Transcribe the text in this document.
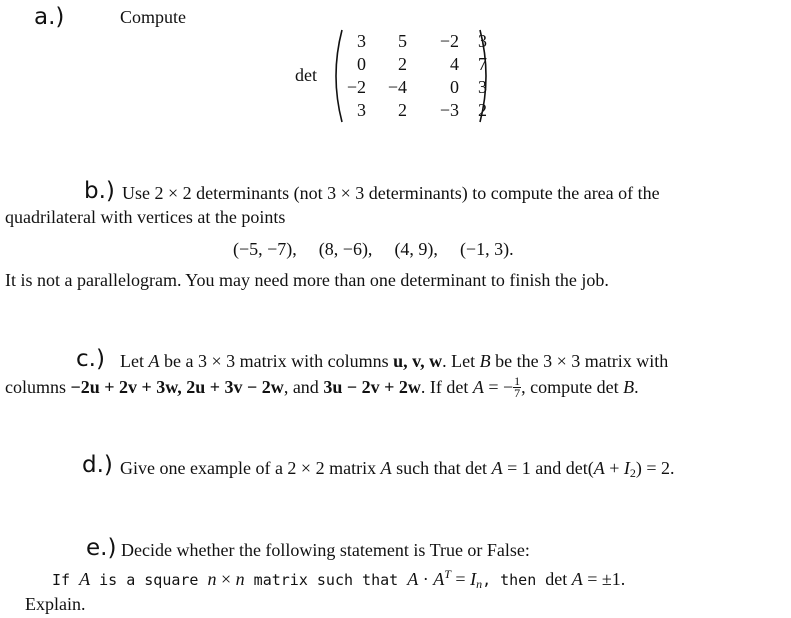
a.)	Compute
det
3	5	−2	3
0	2	4	7
−2	−4	0	3
3	2	−3	2
b.) Use 2 × 2 determinants (not 3 × 3 determinants) to compute the area of the
quadrilateral with vertices at the points
(−5, −7), (8, −6), (4, 9), (−1, 3).
It is not a parallelogram. You may need more than one determinant to finish the job.
c.) Let A be a 3 × 3 matrix with columns u, v, w. Let B be the 3 × 3 matrix with
columns −2u + 2v + 3w, 2u + 3v − 2w, and 3u − 2v + 2w. If det A = − $\frac{1}{7}$ , compute det B.
d.) Give one example of a 2 × 2 matrix A such that det A = 1 and $\det(A + I_2) = 2$.
e.) Decide whether the following statement is True or False:
If A is a square n × n matrix such that $A \cdot A^T = I_n$, then det A = ±1.
Explain.
